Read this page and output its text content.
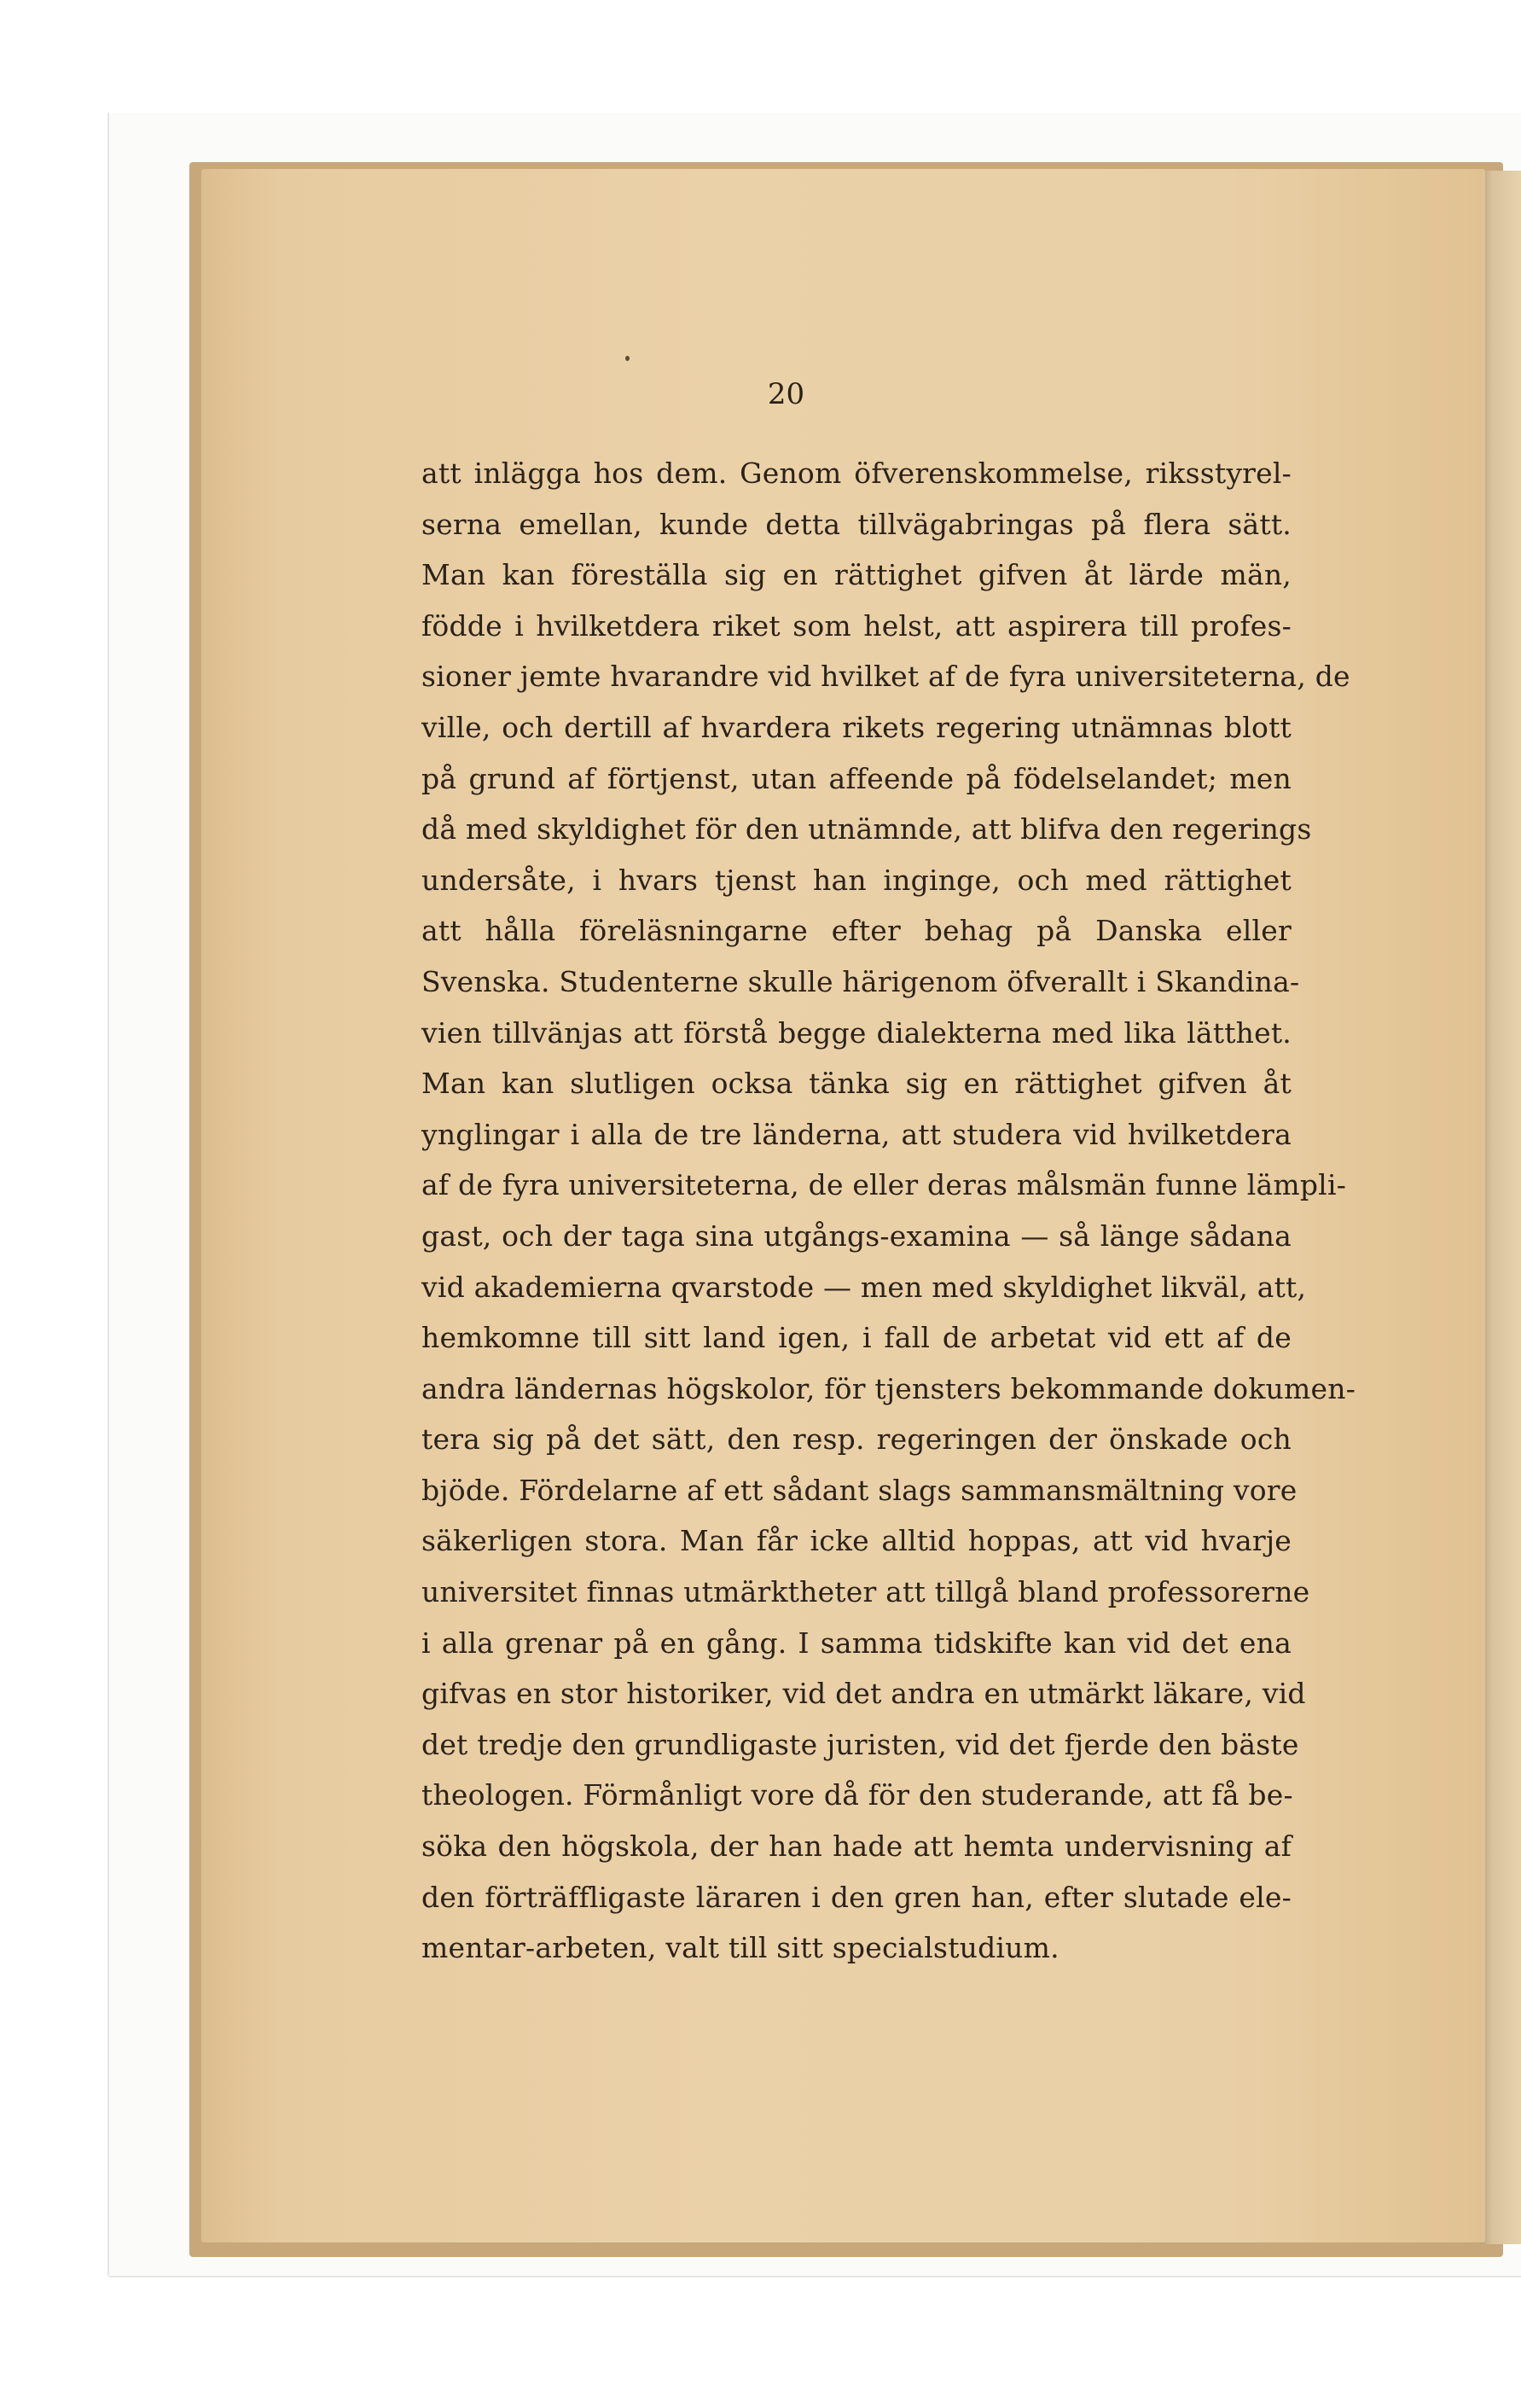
20
att inlägga hos dem. Genom öfverenskommelse, riksstyrel-
serna emellan, kunde detta tillvägabringas på flera sätt.
Man kan föreställa sig en rättighet gifven åt lärde män,
födde i hvilketdera riket som helst, att aspirera till profes-
sioner jemte hvarandre vid hvilket af de fyra universiteterna, de
ville, och dertill af hvardera rikets regering utnämnas blott
på grund af förtjenst, utan affeende på födelselandet; men
då med skyldighet för den utnämnde, att blifva den regerings
undersåte, i hvars tjenst han inginge, och med rättighet
att hålla föreläsningarne efter behag på Danska eller
Svenska. Studenterne skulle härigenom öfverallt i Skandina-
vien tillvänjas att förstå begge dialekterna med lika lätthet.
Man kan slutligen ocksa tänka sig en rättighet gifven åt
ynglingar i alla de tre länderna, att studera vid hvilketdera
af de fyra universiteterna, de eller deras målsmän funne lämpli-
gast, och der taga sina utgångs-examina — så länge sådana
vid akademierna qvarstode — men med skyldighet likväl, att,
hemkomne till sitt land igen, i fall de arbetat vid ett af de
andra ländernas högskolor, för tjensters bekommande dokumen-
tera sig på det sätt, den resp. regeringen der önskade och
bjöde. Fördelarne af ett sådant slags sammansmältning vore
säkerligen stora. Man får icke alltid hoppas, att vid hvarje
universitet finnas utmärktheter att tillgå bland professorerne
i alla grenar på en gång. I samma tidskifte kan vid det ena
gifvas en stor historiker, vid det andra en utmärkt läkare, vid
det tredje den grundligaste juristen, vid det fjerde den bäste
theologen. Förmånligt vore då för den studerande, att få be-
söka den högskola, der han hade att hemta undervisning af
den förträffligaste läraren i den gren han, efter slutade ele-
mentar-arbeten, valt till sitt specialstudium.
